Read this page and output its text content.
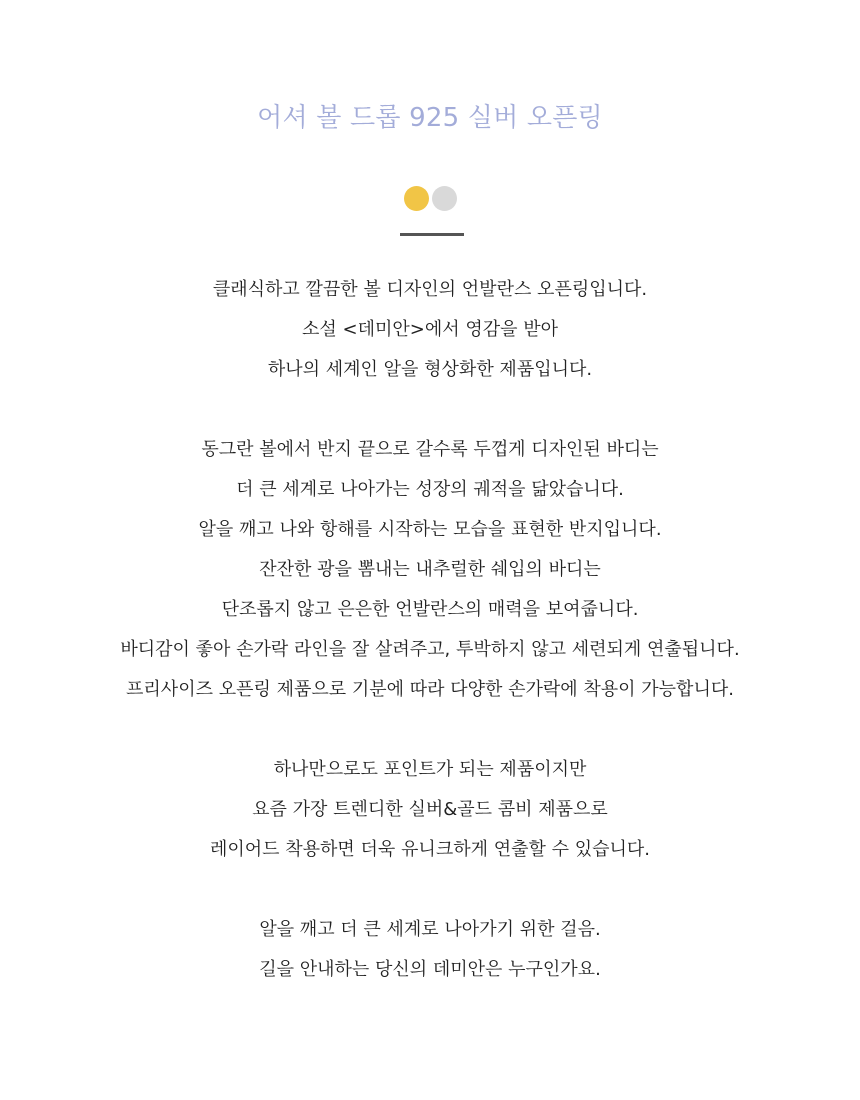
어셔 볼 드롭 925 실버 오픈링
클래식하고 깔끔한 볼 디자인의 언발란스 오픈링입니다.
소설 <데미안>에서 영감을 받아
하나의 세계인 알을 형상화한 제품입니다.
동그란 볼에서 반지 끝으로 갈수록 두껍게 디자인된 바디는
더 큰 세계로 나아가는 성장의 궤적을 닮았습니다.
알을 깨고 나와 항해를 시작하는 모습을 표현한 반지입니다.
잔잔한 광을 뽐내는 내추럴한 쉐입의 바디는
단조롭지 않고 은은한 언발란스의 매력을 보여줍니다.
바디감이 좋아 손가락 라인을 잘 살려주고, 투박하지 않고 세련되게 연출됩니다.
프리사이즈 오픈링 제품으로 기분에 따라 다양한 손가락에 착용이 가능합니다.
하나만으로도 포인트가 되는 제품이지만
요즘 가장 트렌디한 실버&골드 콤비 제품으로
레이어드 착용하면 더욱 유니크하게 연출할 수 있습니다.
알을 깨고 더 큰 세계로 나아가기 위한 걸음.
길을 안내하는 당신의 데미안은 누구인가요.
